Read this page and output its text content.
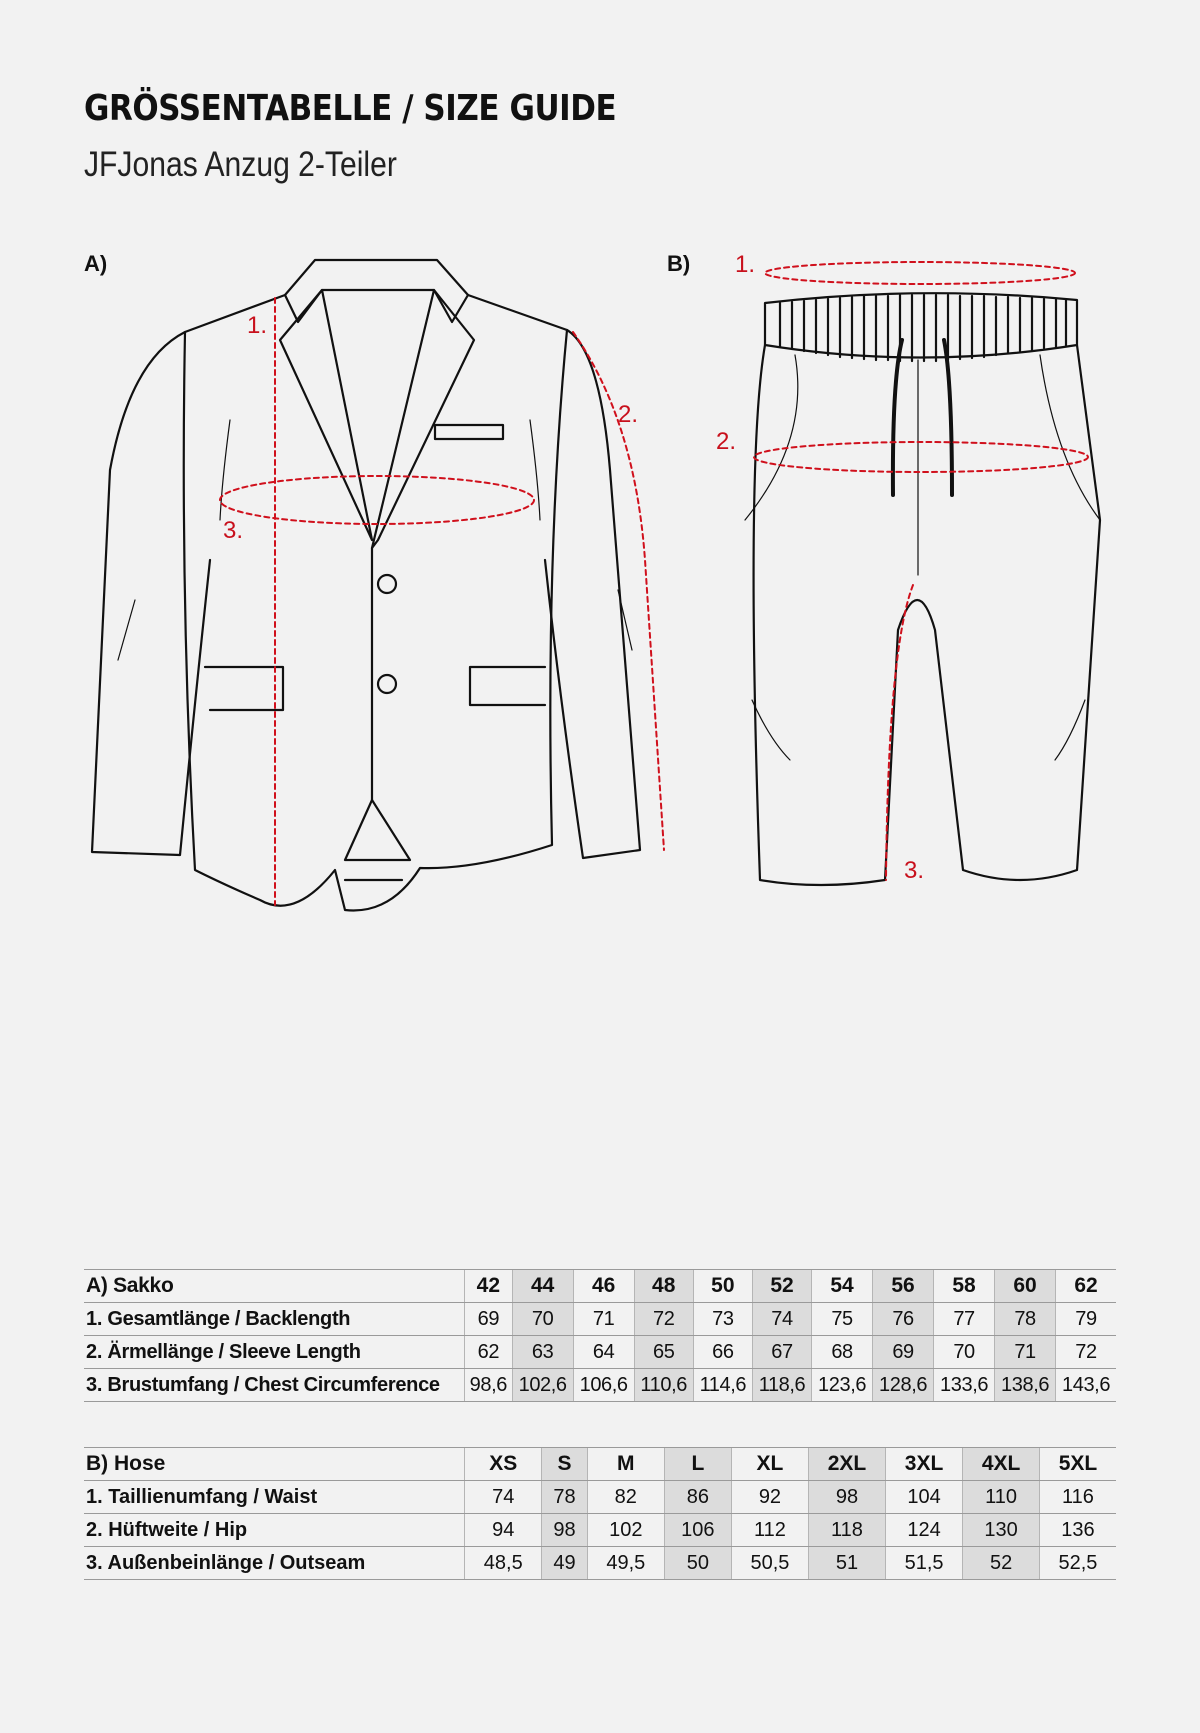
GRÖSSENTABELLE / SIZE GUIDE
JFJonas Anzug 2-Teiler
A)
1.
2.
3.
B) 1.
2.
3.
A) Sakko	42	44	46	48	50	52	54	56	58	60	62
1. Gesamtlänge / Backlength	69	70	71	72	73	74	75	76	77	78	79
2. Ärmellänge / Sleeve Length	62	63	64	65	66	67	68	69	70	71	72
3. Brustumfang / Chest Circumference	98,6	102,6	106,6	110,6	114,6	118,6	123,6	128,6	133,6	138,6	143,6
B) Hose	XS	S	M	L	XL	2XL	3XL	4XL	5XL
1. Taillienumfang / Waist	74	78	82	86	92	98	104	110	116
2. Hüftweite / Hip	94	98	102	106	112	118	124	130	136
3. Außenbeinlänge / Outseam	48,5	49	49,5	50	50,5	51	51,5	52	52,5
